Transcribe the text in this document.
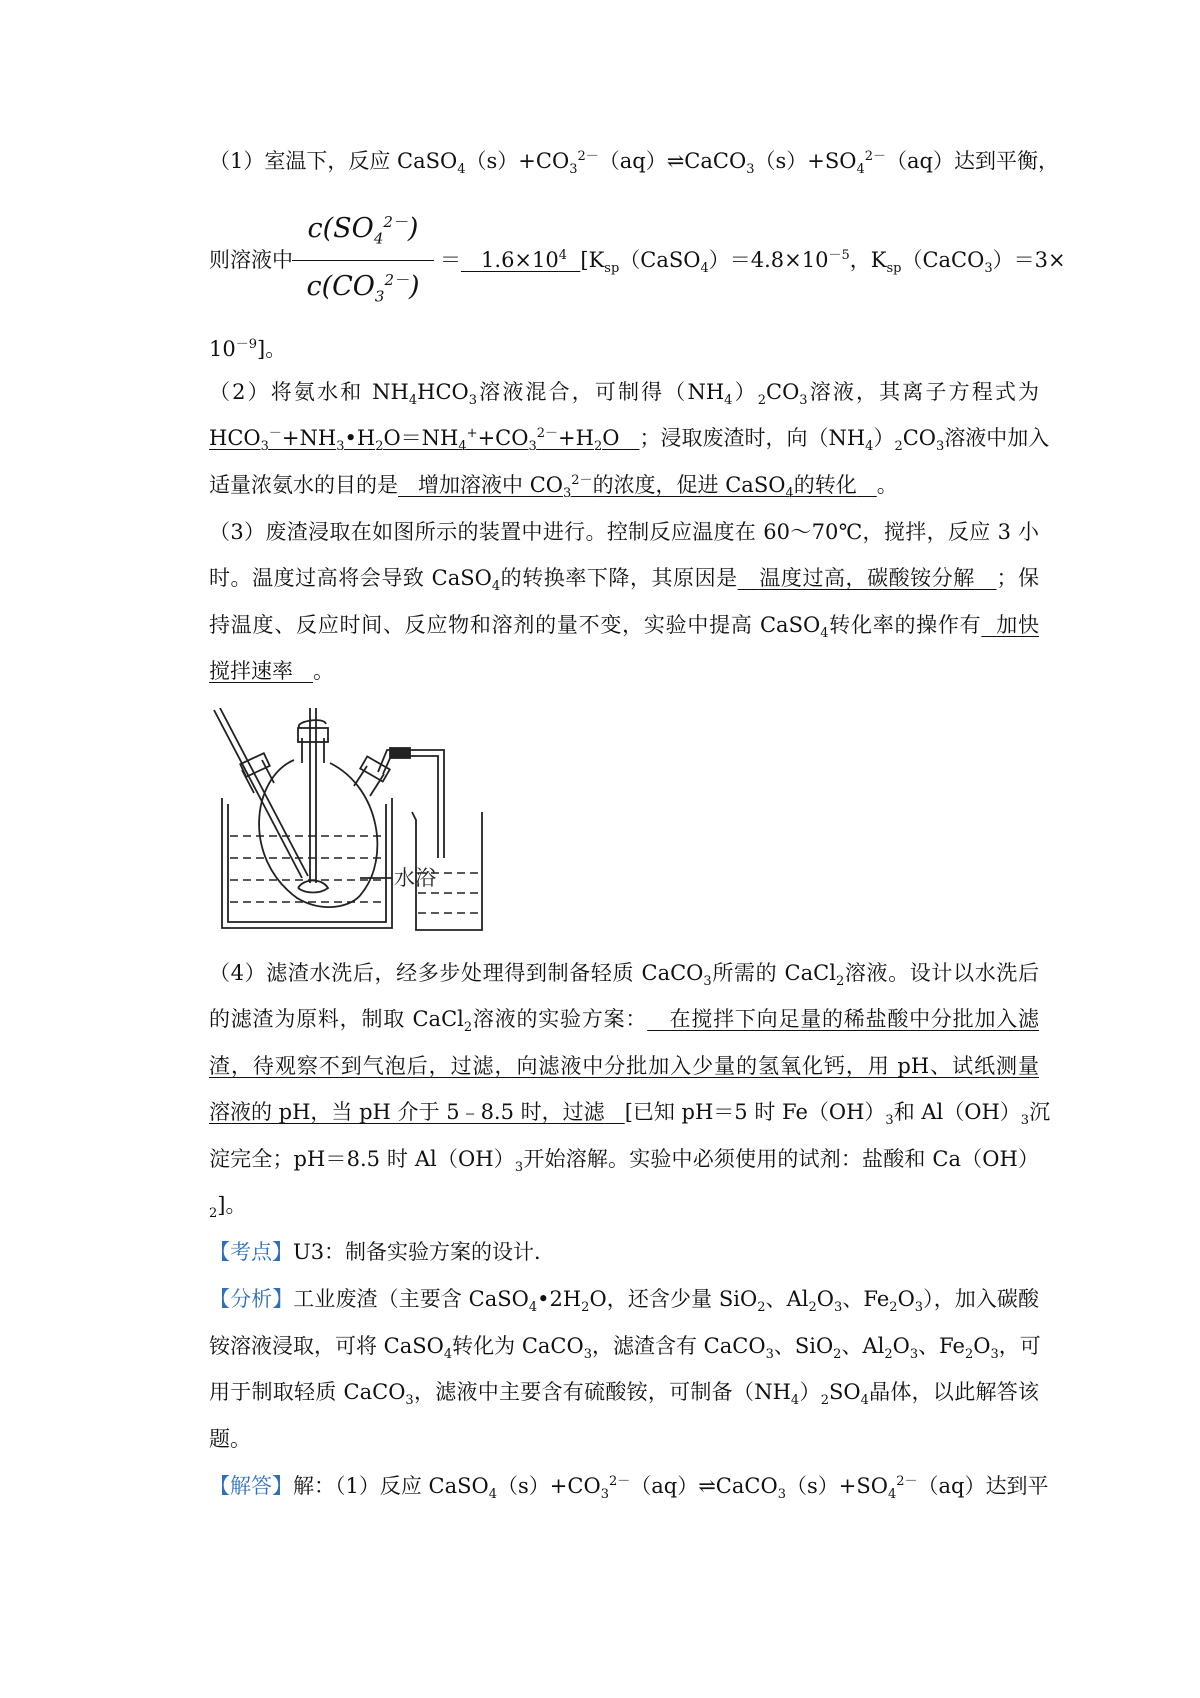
（1）室温下，反应 $CaSO_4(s)+CO_3^{2-}(aq)\rightleftharpoons CaCO_3(s)+SO_4^{2-}(aq)$达到平衡，
则溶液中
$c(SO_4^{2-})$
$c(CO_3^{2-})$
＝ $1.6\times 10^4$ [$K_{sp}(CaSO_4)=4.8\times 10^{-5}$，$K_{sp}(CaCO_3)=3\times$
$10^{-9}$]。
（2）将氨水和 $NH_4HCO_3$溶液混合，可制得$(NH_4)_2CO_3$溶液，其离子方程式为
$HCO_3^-+NH_3•H_2O=NH_4^++CO_3^{2-}+H_2O$ ；浸取废渣时，向$(NH_4)_2CO_3$溶液中加入
适量浓氨水的目的是 增加溶液中 $CO_3^{2-}$的浓度，促进 CaSO$_4$的转化 。
（3）废渣浸取在如图所示的装置中进行。控制反应温度在 60～70℃，搅拌，反应 3 小
时。温度过高将会导致 CaSO$_4$的转换率下降，其原因是 温度过高，碳酸铵分解 ；保
持温度、反应时间、反应物和溶剂的量不变，实验中提高 CaSO$_4$转化率的操作有 加快
搅拌速率 。
水浴
（4）滤渣水洗后，经多步处理得到制备轻质 CaCO$_3$所需的 CaCl$_2$溶液。设计以水洗后
的滤渣为原料，制取 CaCl$_2$溶液的实验方案： 在搅拌下向足量的稀盐酸中分批加入滤
渣，待观察不到气泡后，过滤，向滤液中分批加入少量的氢氧化钙，用 pH、试纸测量
溶液的 pH，当 pH 介于 5﹣8.5 时，过滤 [已知 pH＝5 时 $Fe(OH)_3$和 $Al(OH)_3$沉
淀完全；pH＝8.5 时 $Al(OH)_3$开始溶解。实验中必须使用的试剂：盐酸和 Ca（OH）
$_2$]。
【考点】U3：制备实验方案的设计．
【分析】工业废渣（主要含 $CaSO_4•2H_2O$，还含少量 SiO$_2$、$Al_2O_3$、$Fe_2O_3$），加入碳酸
铵溶液浸取，可将 CaSO$_4$转化为 CaCO$_3$，滤渣含有 CaCO$_3$、SiO$_2$、$Al_2O_3$、$Fe_2O_3$，可
用于制取轻质 CaCO$_3$，滤液中主要含有硫酸铵，可制备$(NH_4)_2SO_4$晶体，以此解答该
题。
【解答】解：（1）反应 $CaSO_4(s)+CO_3^{2-}(aq)\rightleftharpoons CaCO_3(s)+SO_4^{2-}(aq)$达到平
